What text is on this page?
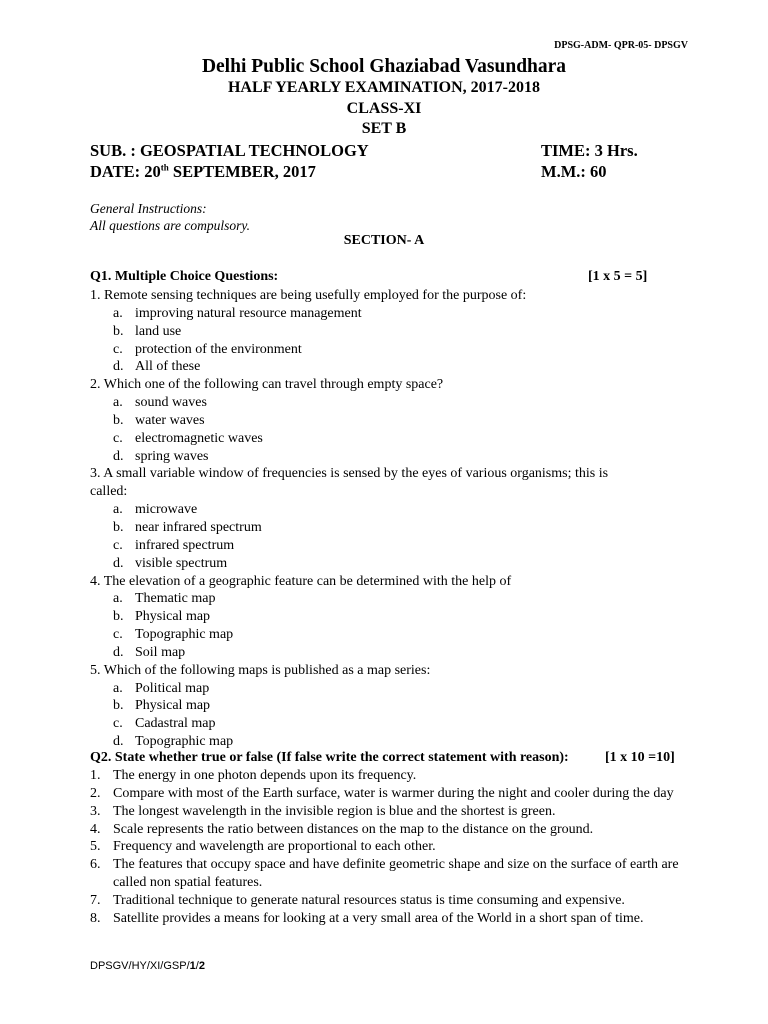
DPSG-ADM- QPR-05- DPSGV
Delhi Public School Ghaziabad Vasundhara
HALF YEARLY EXAMINATION, 2017-2018
CLASS-XI
SET B
SUB. : GEOSPATIAL TECHNOLOGY	TIME: 3 Hrs.
DATE: 20th SEPTEMBER, 2017	M.M.: 60
General Instructions:
All questions are compulsory.
SECTION- A
Q1. Multiple Choice Questions:	[1 x 5 = 5]
1. Remote sensing techniques are being usefully employed for the purpose of:
a. improving natural resource management
b. land use
c. protection of the environment
d. All of these
2. Which one of the following can travel through empty space?
a. sound waves
b. water waves
c. electromagnetic waves
d. spring waves
3. A small variable window of frequencies is sensed by the eyes of various organisms; this is
called:
a. microwave
b. near infrared spectrum
c. infrared spectrum
d. visible spectrum
4. The elevation of a geographic feature can be determined with the help of
a. Thematic map
b. Physical map
c. Topographic map
d. Soil map
5. Which of the following maps is published as a map series:
a. Political map
b. Physical map
c. Cadastral map
d. Topographic map
Q2. State whether true or false (If false write the correct statement with reason):	[1 x 10 =10]
1. The energy in one photon depends upon its frequency.
2. Compare with most of the Earth surface, water is warmer during the night and cooler during the day
3. The longest wavelength in the invisible region is blue and the shortest is green.
4. Scale represents the ratio between distances on the map to the distance on the ground.
5. Frequency and wavelength are proportional to each other.
6. The features that occupy space and have definite geometric shape and size on the surface of earth are called non spatial features.
7. Traditional technique to generate natural resources status is time consuming and expensive.
8. Satellite provides a means for looking at a very small area of the World in a short span of time.
DPSGV/HY/XI/GSP/1/2
